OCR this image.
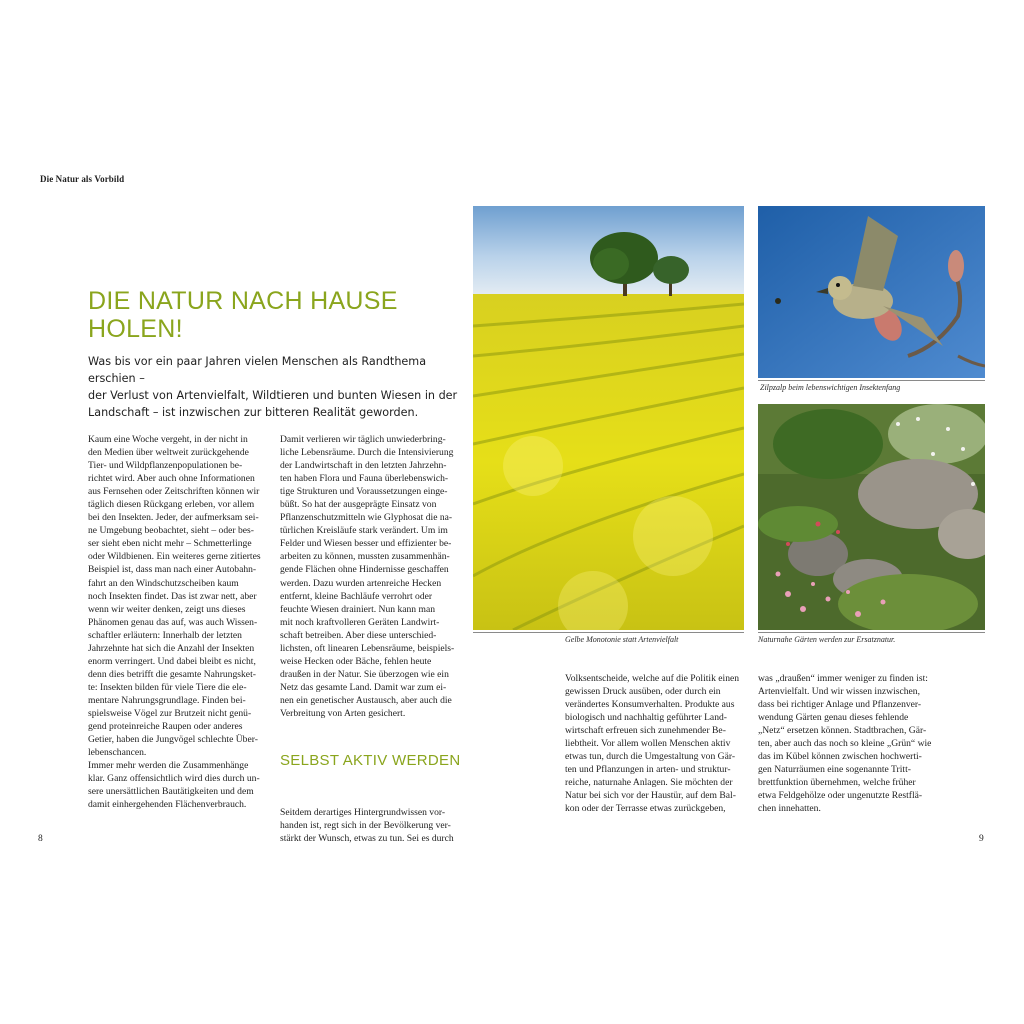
Die Natur als Vorbild
DIE NATUR NACH HAUSE
HOLEN!

Was bis vor ein paar Jahren vielen Menschen als Randthema erschien –
der Verlust von Artenvielfalt, Wildtieren und bunten Wiesen in der
Landschaft – ist inzwischen zur bitteren Realität geworden.

Kaum eine Woche vergeht, in der nicht in
den Medien über weltweit zurückgehende
Tier- und Wildpflanzenpopulationen be-
richtet wird. Aber auch ohne Informationen
aus Fernsehen oder Zeitschriften können wir
täglich diesen Rückgang erleben, vor allem
bei den Insekten. Jeder, der aufmerksam sei-
ne Umgebung beobachtet, sieht – oder bes-
ser sieht eben nicht mehr – Schmetterlinge
oder Wildbienen. Ein weiteres gerne zitiertes
Beispiel ist, dass man nach einer Autobahn-
fahrt an den Windschutzscheiben kaum
noch Insekten findet. Das ist zwar nett, aber
wenn wir weiter denken, zeigt uns dieses
Phänomen genau das auf, was auch Wissen-
schaftler erläutern: Innerhalb der letzten
Jahrzehnte hat sich die Anzahl der Insekten
enorm verringert. Und dabei bleibt es nicht,
denn dies betrifft die gesamte Nahrungsket-
te: Insekten bilden für viele Tiere die ele-
mentare Nahrungsgrundlage. Finden bei-
spielsweise Vögel zur Brutzeit nicht genü-
gend proteinreiche Raupen oder anderes
Getier, haben die Jungvögel schlechte Über-
lebenschancen.
Immer mehr werden die Zusammenhänge
klar. Ganz offensichtlich wird dies durch un-
sere unersättlichen Bautätigkeiten und dem
damit einhergehenden Flächenverbrauch.
Damit verlieren wir täglich unwiederbring-
liche Lebensräume. Durch die Intensivierung
der Landwirtschaft in den letzten Jahrzehn-
ten haben Flora und Fauna überlebenswich-
tige Strukturen und Voraussetzungen einge-
büßt. So hat der ausgeprägte Einsatz von
Pflanzenschutzmitteln wie Glyphosat die na-
türlichen Kreisläufe stark verändert. Um im
Felder und Wiesen besser und effizienter be-
arbeiten zu können, mussten zusammenhän-
gende Flächen ohne Hindernisse geschaffen
werden. Dazu wurden artenreiche Hecken
entfernt, kleine Bachläufe verrohrt oder
feuchte Wiesen drainiert. Nun kann man
mit noch kraftvolleren Geräten Landwirt-
schaft betreiben. Aber diese unterschied-
lichsten, oft linearen Lebensräume, beispiels-
weise Hecken oder Bäche, fehlen heute
draußen in der Natur. Sie überzogen wie ein
Netz das gesamte Land. Damit war zum ei-
nen ein genetischer Austausch, aber auch die
Verbreitung von Arten gesichert.
SELBST AKTIV WERDEN
Seitdem derartiges Hintergrundwissen vor-
handen ist, regt sich in der Bevölkerung ver-
stärkt der Wunsch, etwas zu tun. Sei es durch
Volksentscheide, welche auf die Politik einen
gewissen Druck ausüben, oder durch ein
verändertes Konsumverhalten. Produkte aus
biologisch und nachhaltig geführter Land-
wirtschaft erfreuen sich zunehmender Be-
liebtheit. Vor allem wollen Menschen aktiv
etwas tun, durch die Umgestaltung von Gär-
ten und Pflanzungen in arten- und struktur-
reiche, naturnahe Anlagen. Sie möchten der
Natur bei sich vor der Haustür, auf dem Bal-
kon oder der Terrasse etwas zurückgeben,
was „draußen“ immer weniger zu finden ist:
Artenvielfalt. Und wir wissen inzwischen,
dass bei richtiger Anlage und Pflanzenver-
wendung Gärten genau dieses fehlende
„Netz“ ersetzen können. Stadtbrachen, Gär-
ten, aber auch das noch so kleine „Grün“ wie
das im Kübel können zwischen hochwerti-
gen Naturräumen eine sogenannte Tritt-
brettfunktion übernehmen, welche früher
etwa Feldgehölze oder ungenutzte Restflä-
chen innehatten.
Gelbe Monotonie statt Artenvielfalt
Zilpzalp beim lebenswichtigen Insektenfang
Naturnahe Gärten werden zur Ersatznatur.
8	9
